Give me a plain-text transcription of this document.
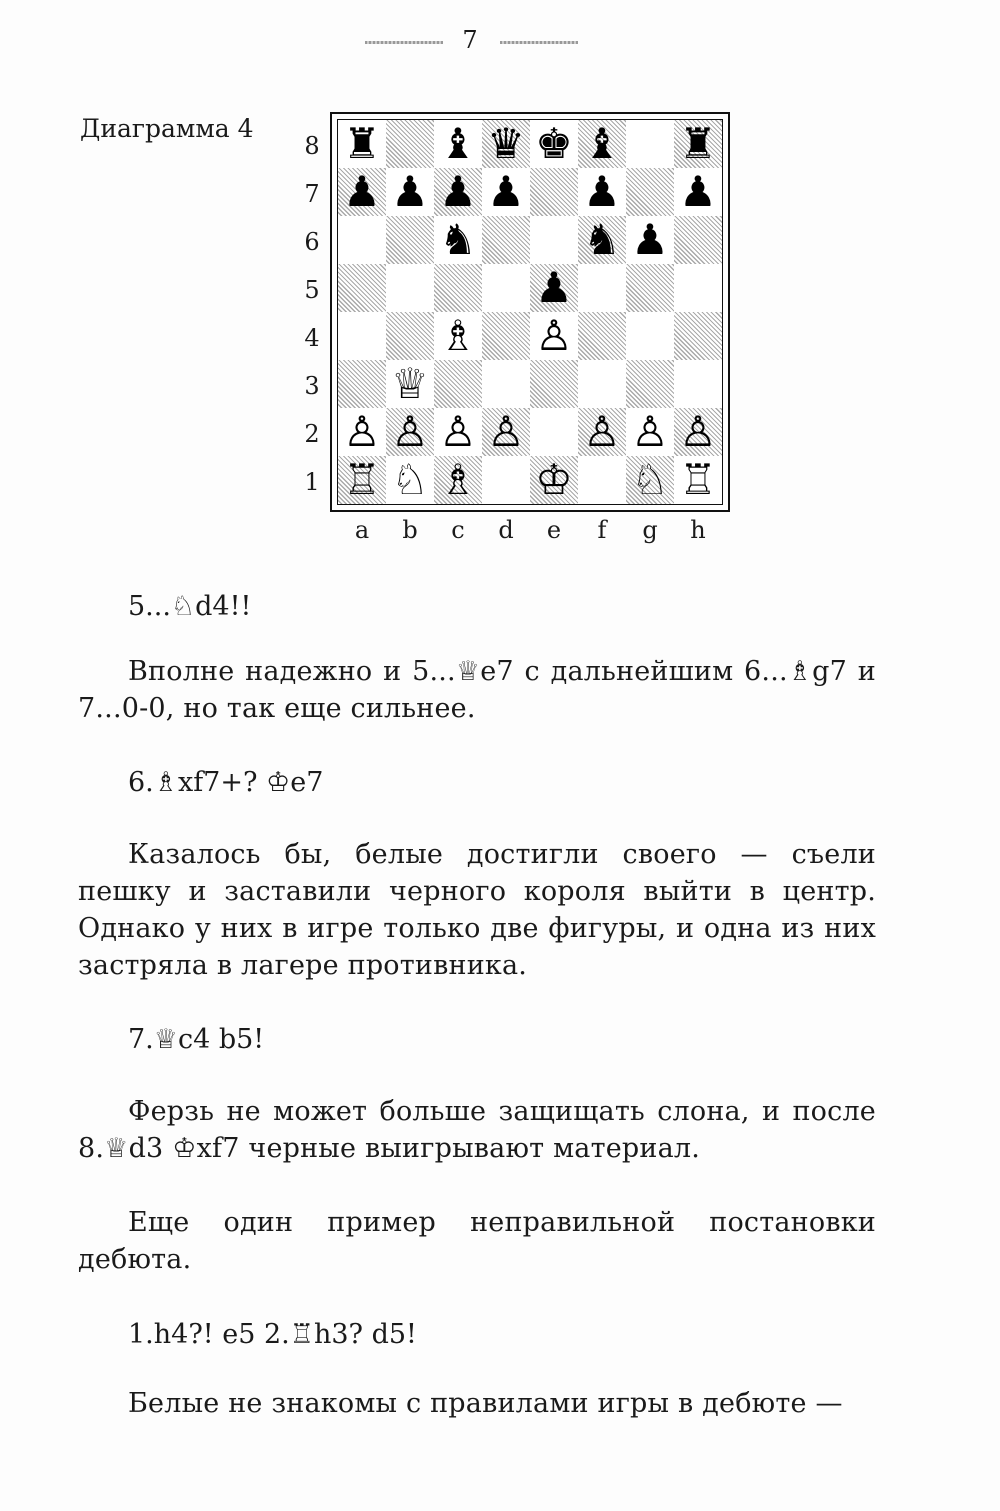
7
Диаграмма 4
8
7
6
5
4
3
2
1
♜ ♝ ♛ ♚ ♝ ♜
♟ ♟ ♟ ♟ ♟ ♟
♞	♞ ♟
♟
♗ ♙
♕
♙ ♙ ♙ ♙ ♙ ♙ ♙
♖ ♘ ♗ ♔ ♘ ♖
a	b	c	d	e	f	g	h
5...♘d4!!
Вполне надежно и 5...♕e7 с дальнейшим 6...♗g7 и 7...0-0, но так еще сильнее.
6.♗xf7+? ♔e7
Казалось бы, белые достигли своего — съели пешку и заставили черного короля выйти в центр. Однако у них в игре только две фигуры, и одна из них застряла в лагере противника.
7.♕c4 b5!
Ферзь не может больше защищать слона, и после 8.♕d3 ♔xf7 черные выигрывают материал.
Еще один пример неправильной постановки дебюта.
1.h4?! e5 2.♖h3? d5!
Белые не знакомы с правилами игры в дебюте —
